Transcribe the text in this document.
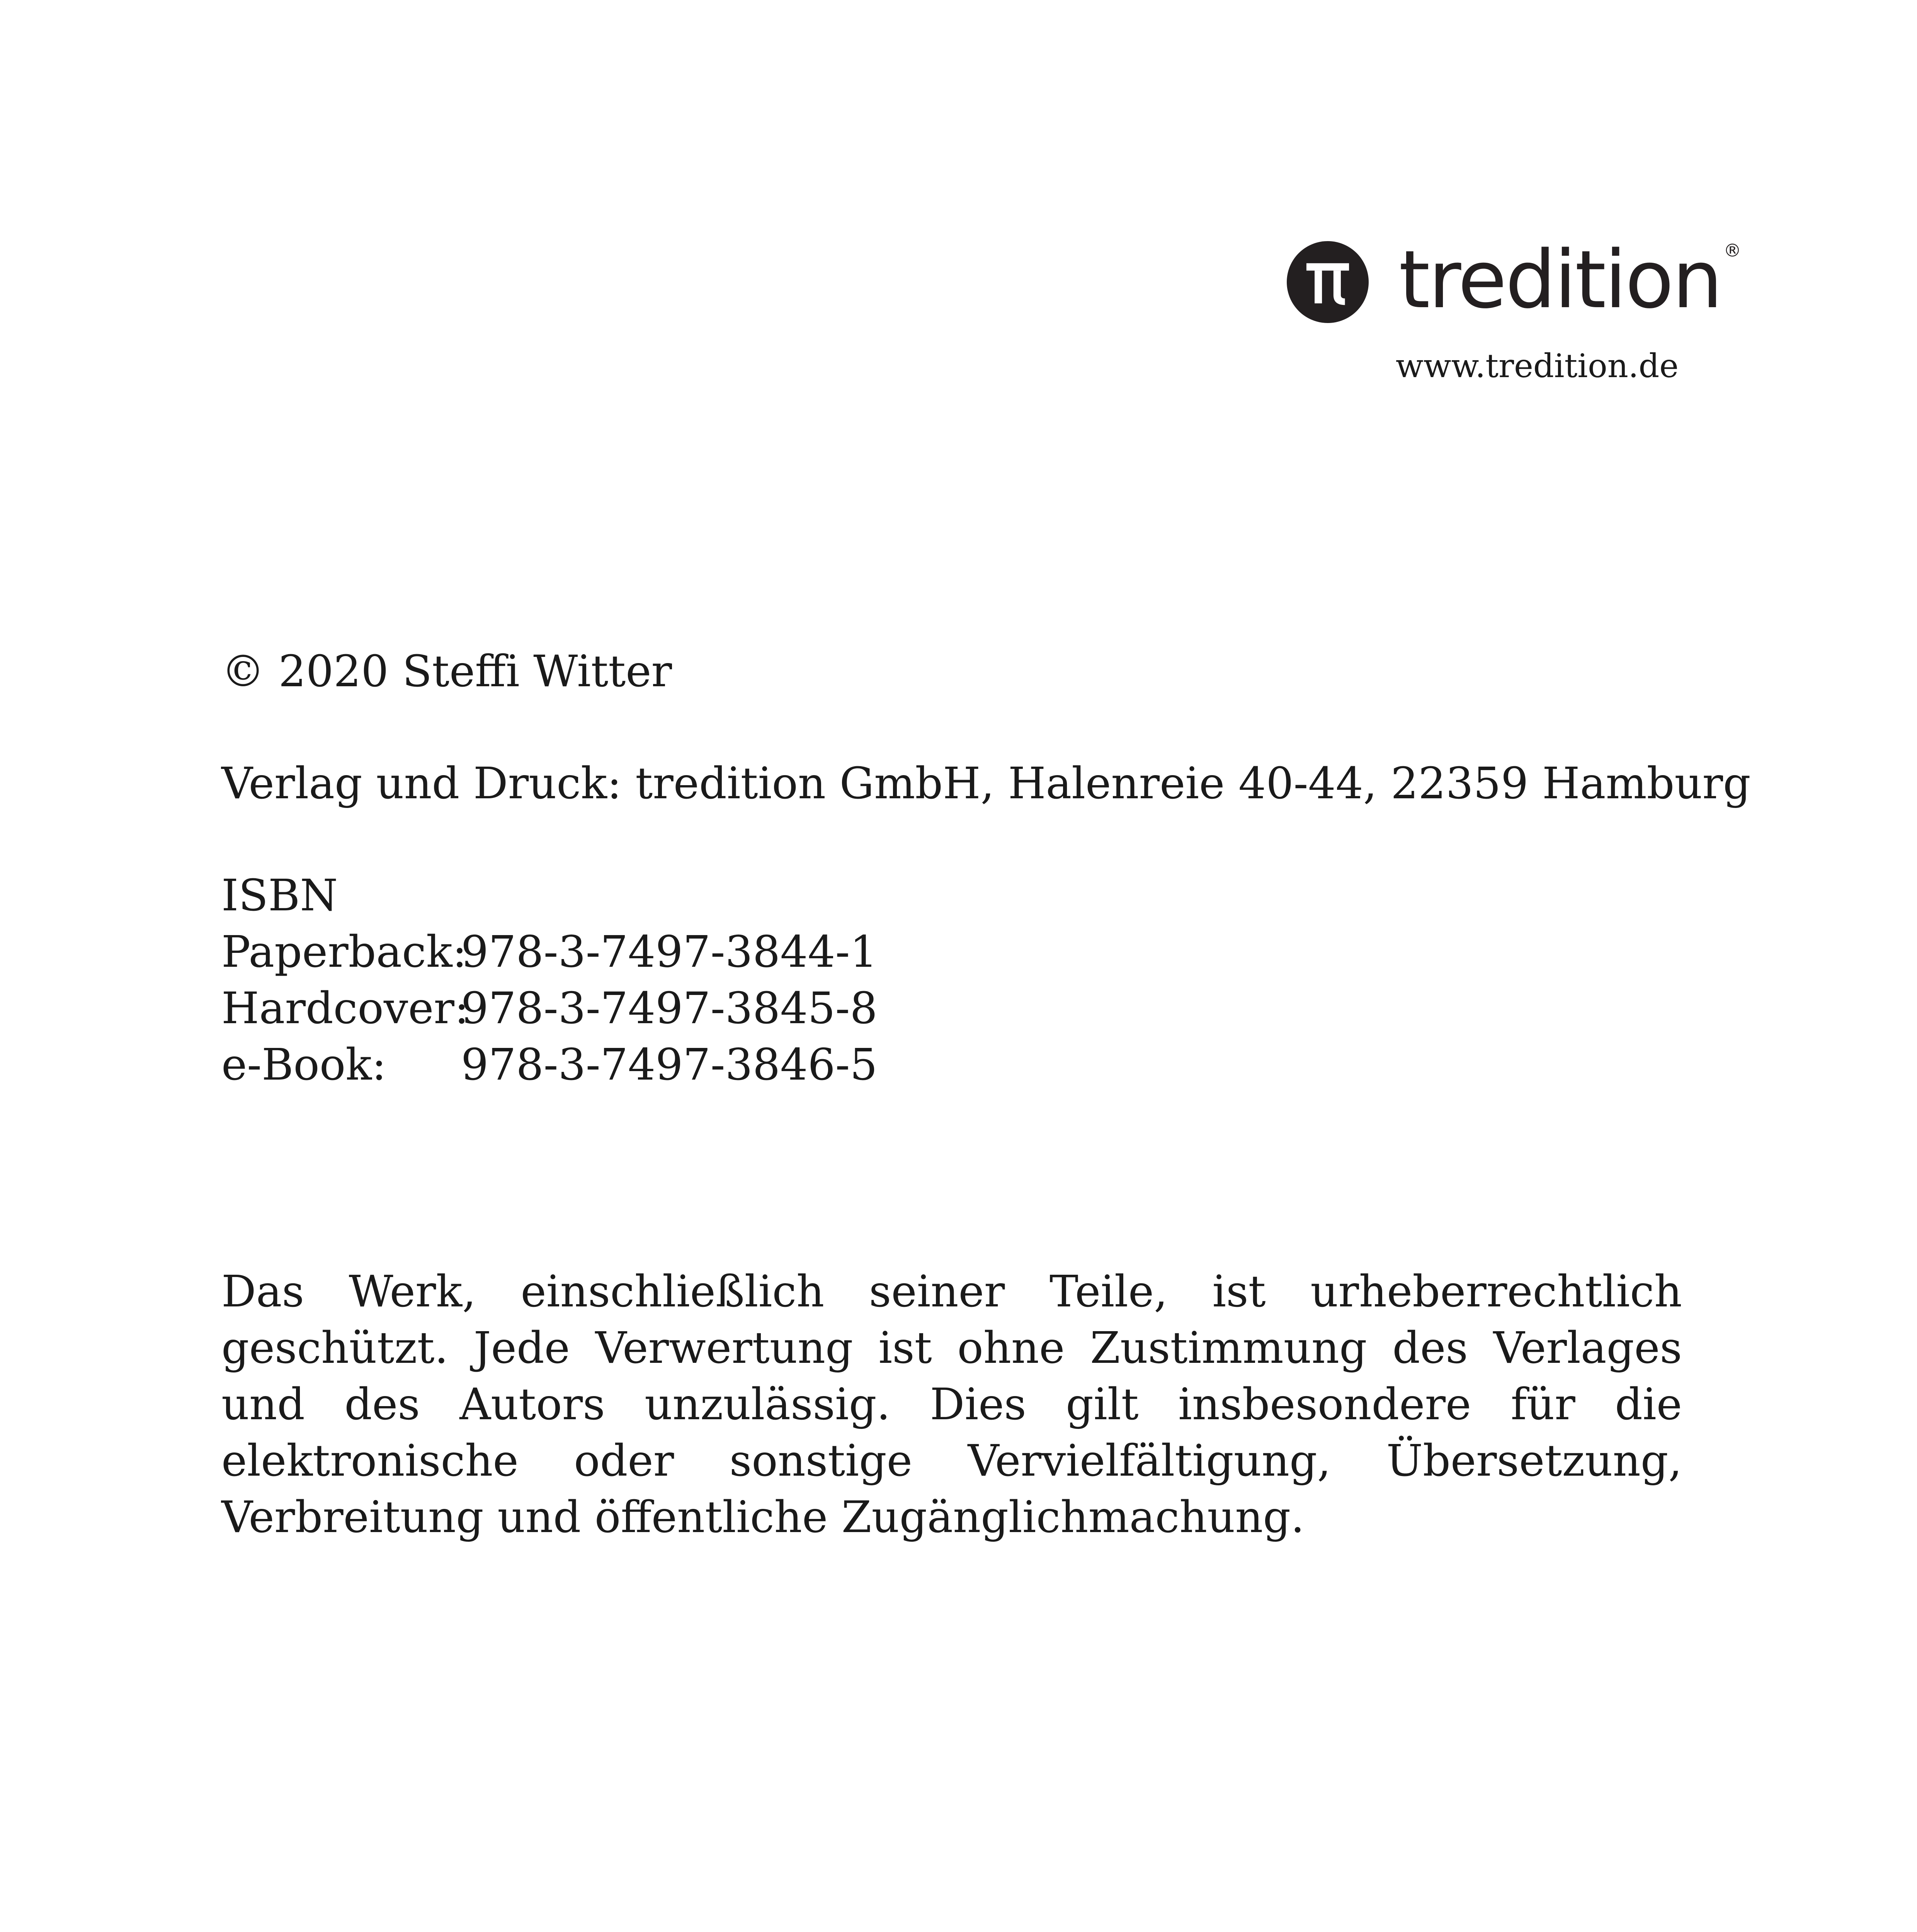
tredition ®
www.tredition.de
© 2020 Steffi Witter
Verlag und Druck: tredition GmbH, Halenreie 40-44, 22359 Hamburg
ISBN
Paperback:978-3-7497-3844-1
Hardcover:978-3-7497-3845-8
e-Book: 978-3-7497-3846-5
Das Werk, einschließlich seiner Teile, ist urheberrechtlich geschützt. Jede Verwertung ist ohne Zustimmung des Verlages und des Autors unzulässig. Dies gilt insbesondere für die elektronische oder sonstige Vervielfältigung, Übersetzung, Verbreitung und öffentliche Zugänglichmachung.
